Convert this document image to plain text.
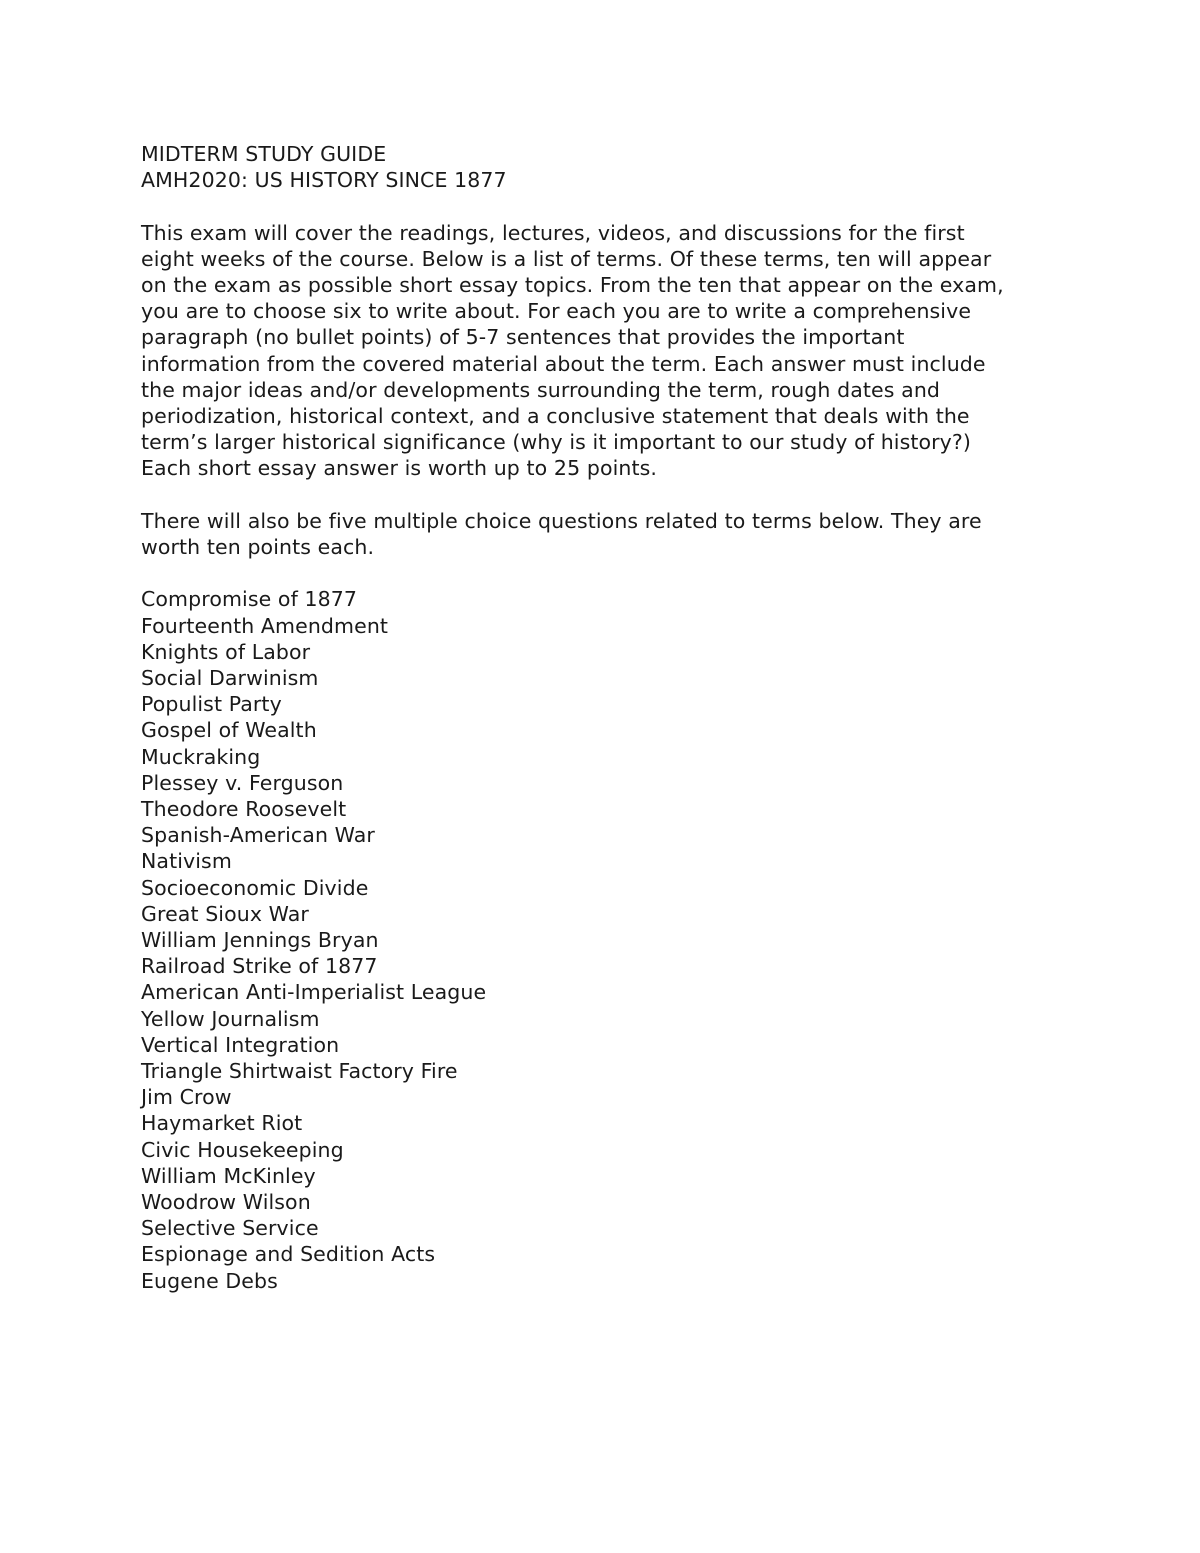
MIDTERM STUDY GUIDE
AMH2020: US HISTORY SINCE 1877

This exam will cover the readings, lectures, videos, and discussions for the first
eight weeks of the course. Below is a list of terms. Of these terms, ten will appear
on the exam as possible short essay topics. From the ten that appear on the exam,
you are to choose six to write about. For each you are to write a comprehensive
paragraph (no bullet points) of 5-7 sentences that provides the important
information from the covered material about the term. Each answer must include
the major ideas and/or developments surrounding the term, rough dates and
periodization, historical context, and a conclusive statement that deals with the
term’s larger historical significance (why is it important to our study of history?)
Each short essay answer is worth up to 25 points.

There will also be five multiple choice questions related to terms below. They are
worth ten points each.

Compromise of 1877
Fourteenth Amendment
Knights of Labor
Social Darwinism
Populist Party
Gospel of Wealth
Muckraking
Plessey v. Ferguson
Theodore Roosevelt
Spanish-American War
Nativism
Socioeconomic Divide
Great Sioux War
William Jennings Bryan
Railroad Strike of 1877
American Anti-Imperialist League
Yellow Journalism
Vertical Integration
Triangle Shirtwaist Factory Fire
Jim Crow
Haymarket Riot
Civic Housekeeping
William McKinley
Woodrow Wilson
Selective Service
Espionage and Sedition Acts
Eugene Debs
